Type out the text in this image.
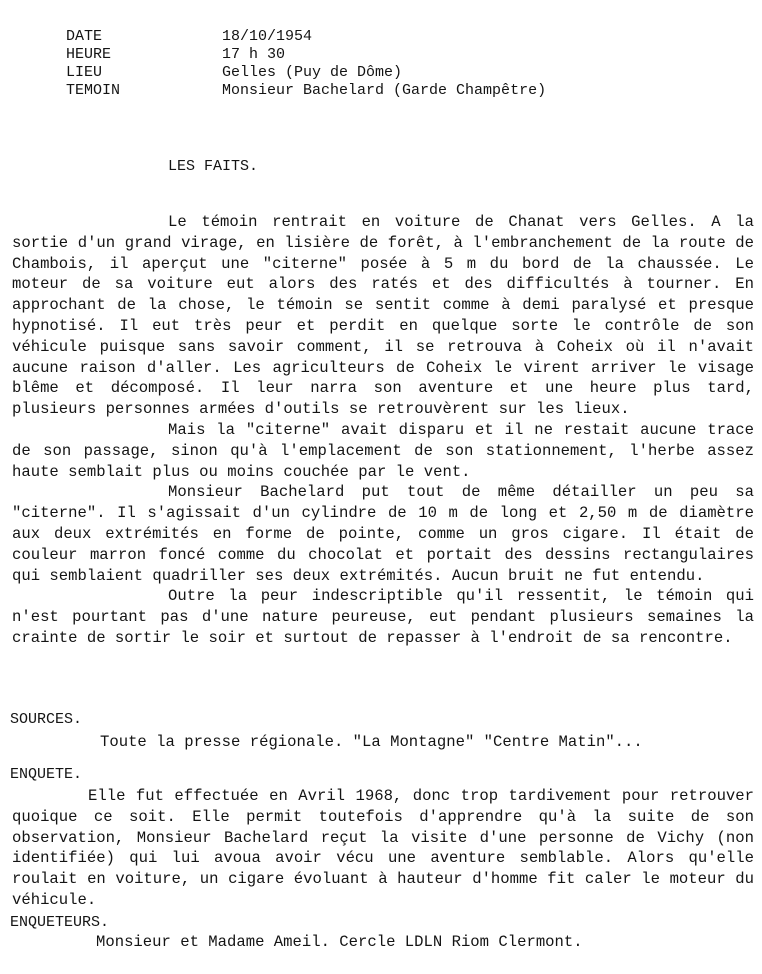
DATE	18/10/1954

HEURE	17 h 30

LIEU	Gelles (Puy de Dôme)

TEMOIN	Monsieur Bachelard (Garde Champêtre)

LES FAITS.

Le témoin rentrait en voiture de Chanat vers Gelles. A la sortie d'un grand virage, en lisière de forêt, à l'embranchement de la route de Chambois, il aperçut une "citerne" posée à 5 m du bord de la chaussée. Le moteur de sa voiture eut alors des ratés et des difficultés à tourner. En approchant de la chose, le témoin se sentit comme à demi paralysé et presque hypnotisé. Il eut très peur et perdit en quelque sorte le contrôle de son véhicule puisque sans savoir comment, il se retrouva à Coheix où il n'avait aucune raison d'aller. Les agriculteurs de Coheix le virent arriver le visage blême et décomposé. Il leur narra son aventure et une heure plus tard, plusieurs personnes armées d'outils se retrouvèrent sur les lieux.

Mais la "citerne" avait disparu et il ne restait aucune trace de son passage, sinon qu'à l'emplacement de son stationnement, l'herbe assez haute semblait plus ou moins couchée par le vent.

Monsieur Bachelard put tout de même détailler un peu sa "citerne". Il s'agissait d'un cylindre de 10 m de long et 2,50 m de diamètre aux deux extrémités en forme de pointe, comme un gros cigare. Il était de couleur marron foncé comme du chocolat et portait des dessins rectangulaires qui semblaient quadriller ses deux extrémités. Aucun bruit ne fut entendu.

Outre la peur indescriptible qu'il ressentit, le témoin qui n'est pourtant pas d'une nature peureuse, eut pendant plusieurs semaines la crainte de sortir le soir et surtout de repasser à l'endroit de sa rencontre.

SOURCES.
Toute la presse régionale. "La Montagne" "Centre Matin"...
ENQUETE.

Elle fut effectuée en Avril 1968, donc trop tardivement pour retrouver quoique ce soit. Elle permit toutefois d'apprendre qu'à la suite de son observation, Monsieur Bachelard reçut la visite d'une personne de Vichy (non identifiée) qui lui avoua avoir vécu une aventure semblable. Alors qu'elle roulait en voiture, un cigare évoluant à hauteur d'homme fit caler le moteur du véhicule.

ENQUETEURS.
Monsieur et Madame Ameil. Cercle LDLN Riom Clermont.
